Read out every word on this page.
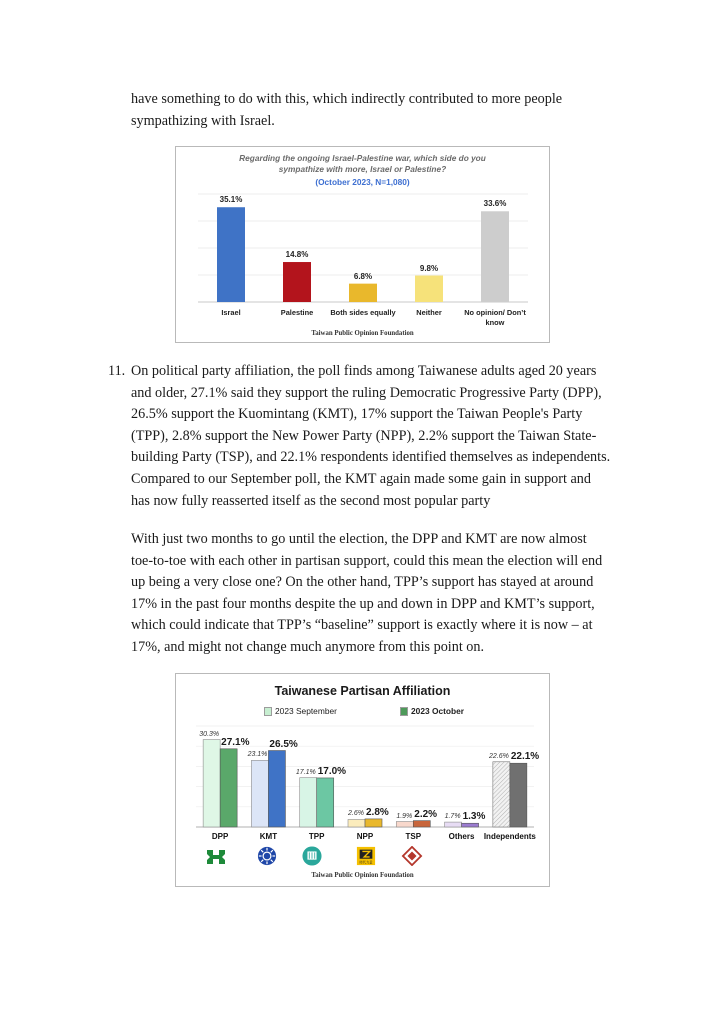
have something to do with this, which indirectly contributed to more people sympathizing with Israel.

Regarding the ongoing Israel-Palestine war, which side do you
sympathize with more, Israel or Palestine?
(October 2023, N=1,080)
35.1%
Israel
14.8%
Palestine
6.8%
Both sides equally
9.8%
Neither
33.6%
No opinion/ Don’t know
Taiwan Public Opinion Foundation
11. On political party affiliation, the poll finds among Taiwanese adults aged 20 years and older, 27.1% said they support the ruling Democratic Progressive Party (DPP), 26.5% support the Kuomintang (KMT), 17% support the Taiwan People's Party (TPP), 2.8% support the New Power Party (NPP), 2.2% support the Taiwan State-building Party (TSP), and 22.1% respondents identified themselves as independents. Compared to our September poll, the KMT again made some gain in support and has now fully reasserted itself as the second most popular party

With just two months to go until the election, the DPP and KMT are now almost toe-to-toe with each other in partisan support, could this mean the election will end up being a very close one? On the other hand, TPP’s support has stayed at around 17% in the past four months despite the up and down in DPP and KMT’s support, which could indicate that TPP’s “baseline” support is exactly where it is now – at 17%, and might not change much anymore from this point on.

Taiwanese Partisan Affiliation
2023 September	2023 October
30.3%
27.1%
DPP
23.1%
26.5%
KMT
17.1% 17.0%
TPP
2.6% 2.8%
NPP
1.9% 2.2%
TSP
1.7% 1.3%
Others
22.6% 22.1%
Independents
時代力量
Taiwan Public Opinion Foundation
